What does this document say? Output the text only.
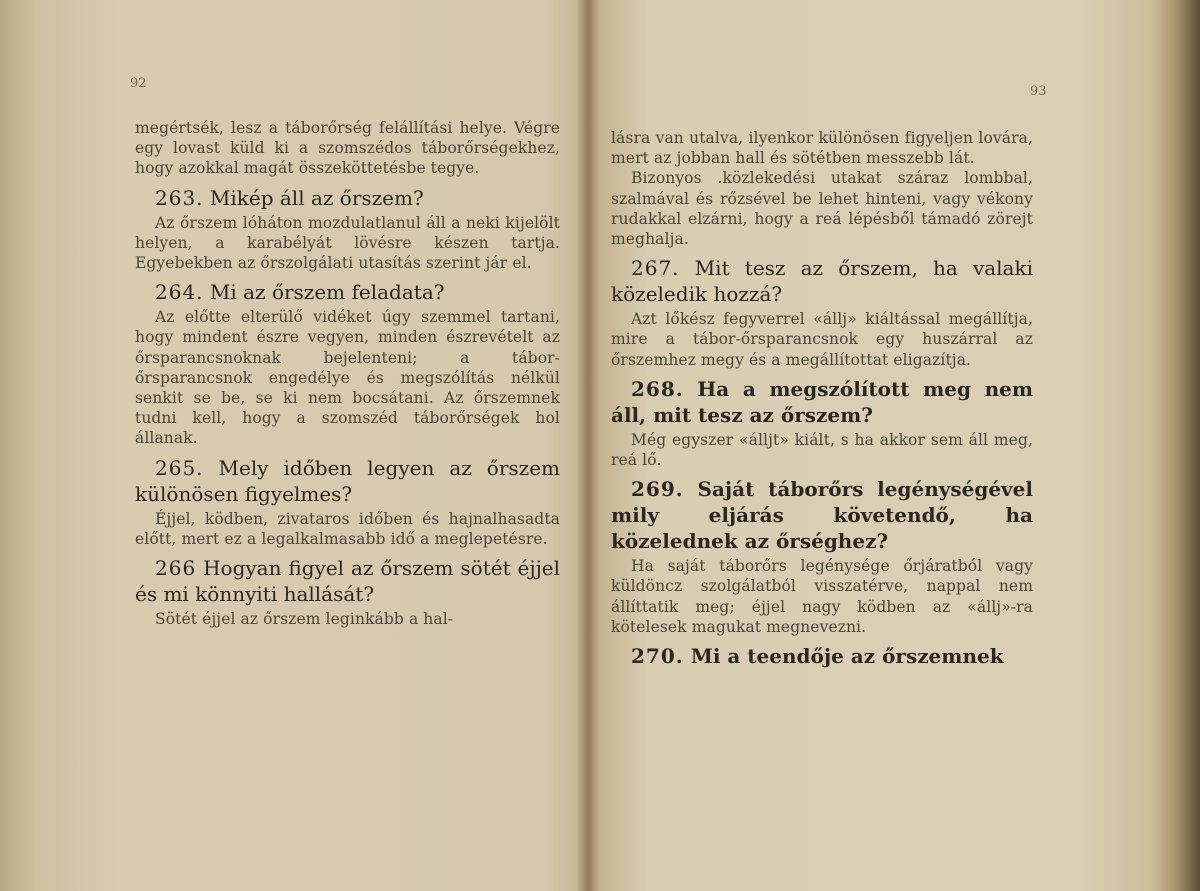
92

megértsék, lesz a táborőrség felállítási helye. Végre egy lovast küld ki a szomszédos táborőrségekhez, hogy azokkal magát összeköttetésbe tegye.

263. Mikép áll az őrszem?

Az őrszem lóháton mozdulatlanul áll a neki kijelölt helyen, a karabélyát lövésre készen tartja. Egyebekben az őrszolgálati utasítás szerint jár el.

264. Mi az őrszem feladata?

Az előtte elterülő vidéket úgy szemmel tartani, hogy mindent észre vegyen, minden észrevételt az őrsparancsnoknak bejelenteni; a tábor-őrsparancsnok engedélye és megszólítás nélkül senkit se be, se ki nem bocsátani. Az őrszemnek tudni kell, hogy a szomszéd táborőrségek hol állanak.

265. Mely időben legyen az őrszem különösen figyelmes?

Éjjel, ködben, zivataros időben és hajnalhasadta előtt, mert ez a legalkalmasabb idő a meglepetésre.

266 Hogyan figyel az őrszem sötét éjjel és mi könnyiti hallását?

Sötét éjjel az őrszem leginkább a hal-

93

lásra van utalva, ilyenkor különösen figyeljen lovára, mert az jobban hall és sötétben messzebb lát.

Bizonyos .közlekedési utakat száraz lombbal, szalmával és rőzsével be lehet hinteni, vagy vékony rudakkal elzárni, hogy a reá lépésből támadó zörejt meghalja.

267. Mit tesz az őrszem, ha valaki közeledik hozzá?

Azt lőkész fegyverrel «állj» kiáltással megállítja, mire a tábor-őrsparancsnok egy huszárral az őrszemhez megy és a megállítottat eligazítja.

268. Ha a megszólított meg nem áll, mit tesz az őrszem?

Még egyszer «álljt» kiált, s ha akkor sem áll meg, reá lő.

269. Saját táborőrs legénységével mily eljárás követendő, ha közelednek az őrséghez?

Ha saját táborőrs legénysége őrjáratból vagy küldöncz szolgálatból visszatérve, nappal nem állíttatik meg; éjjel nagy ködben az «állj»-ra kötelesek magukat megnevezni.

270. Mi a teendője az őrszemnek
